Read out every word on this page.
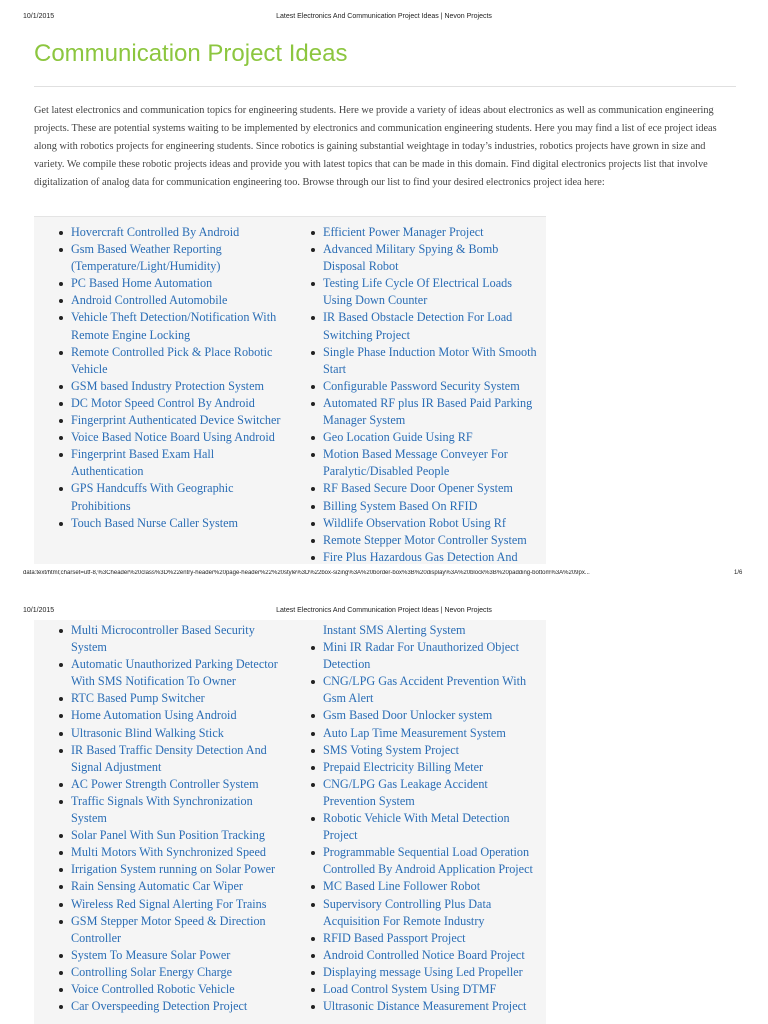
10/1/2015	Latest Electronics And Communication Project Ideas | Nevon Projects
Communication Project Ideas

Get latest electronics and communication topics for engineering students. Here we provide a variety of ideas about electronics as well as communication engineering projects. These are potential systems waiting to be implemented by electronics and communication engineering students. Here you may find a list of ece project ideas along with robotics projects for engineering students. Since robotics is gaining substantial weightage in today’s industries, robotics projects have grown in size and variety. We compile these robotic projects ideas and provide you with latest topics that can be made in this domain. Find digital electronics projects list that involve digitalization of analog data for communication engineering too. Browse through our list to find your desired electronics project idea here:

Hovercraft Controlled By Android
Gsm Based Weather Reporting (Temperature/Light/Humidity)
PC Based Home Automation
Android Controlled Automobile
Vehicle Theft Detection/Notification With Remote Engine Locking
Remote Controlled Pick & Place Robotic Vehicle
GSM based Industry Protection System
DC Motor Speed Control By Android
Fingerprint Authenticated Device Switcher
Voice Based Notice Board Using Android
Fingerprint Based Exam Hall Authentication
GPS Handcuffs With Geographic Prohibitions
Touch Based Nurse Caller System
Efficient Power Manager Project
Advanced Military Spying & Bomb Disposal Robot
Testing Life Cycle Of Electrical Loads Using Down Counter
IR Based Obstacle Detection For Load Switching Project
Single Phase Induction Motor With Smooth Start
Configurable Password Security System
Automated RF plus IR Based Paid Parking Manager System
Geo Location Guide Using RF
Motion Based Message Conveyer For Paralytic/Disabled People
RF Based Secure Door Opener System
Billing System Based On RFID
Wildlife Observation Robot Using Rf
Remote Stepper Motor Controller System
Fire Plus Hazardous Gas Detection And
data:text/html;charset=utf-8,%3Cheader%20class%3D%22entry-header%20page-header%22%20style%3D%22box-sizing%3A%20border-box%3B%20display%3A%20block%3B%20padding-bottom%3A%209px...	1/6
10/1/2015	Latest Electronics And Communication Project Ideas | Nevon Projects
Multi Microcontroller Based Security System
Automatic Unauthorized Parking Detector With SMS Notification To Owner
RTC Based Pump Switcher
Home Automation Using Android
Ultrasonic Blind Walking Stick
IR Based Traffic Density Detection And Signal Adjustment
AC Power Strength Controller System
Traffic Signals With Synchronization System
Solar Panel With Sun Position Tracking
Multi Motors With Synchronized Speed
Irrigation System running on Solar Power
Rain Sensing Automatic Car Wiper
Wireless Red Signal Alerting For Trains
GSM Stepper Motor Speed & Direction Controller
System To Measure Solar Power
Controlling Solar Energy Charge
Voice Controlled Robotic Vehicle
Car Overspeeding Detection Project
Instant SMS Alerting System
Mini IR Radar For Unauthorized Object Detection
CNG/LPG Gas Accident Prevention With Gsm Alert
Gsm Based Door Unlocker system
Auto Lap Time Measurement System
SMS Voting System Project
Prepaid Electricity Billing Meter
CNG/LPG Gas Leakage Accident Prevention System
Robotic Vehicle With Metal Detection Project
Programmable Sequential Load Operation Controlled By Android Application Project
MC Based Line Follower Robot
Supervisory Controlling Plus Data Acquisition For Remote Industry
RFID Based Passport Project
Android Controlled Notice Board Project
Displaying message Using Led Propeller
Load Control System Using DTMF
Ultrasonic Distance Measurement Project
